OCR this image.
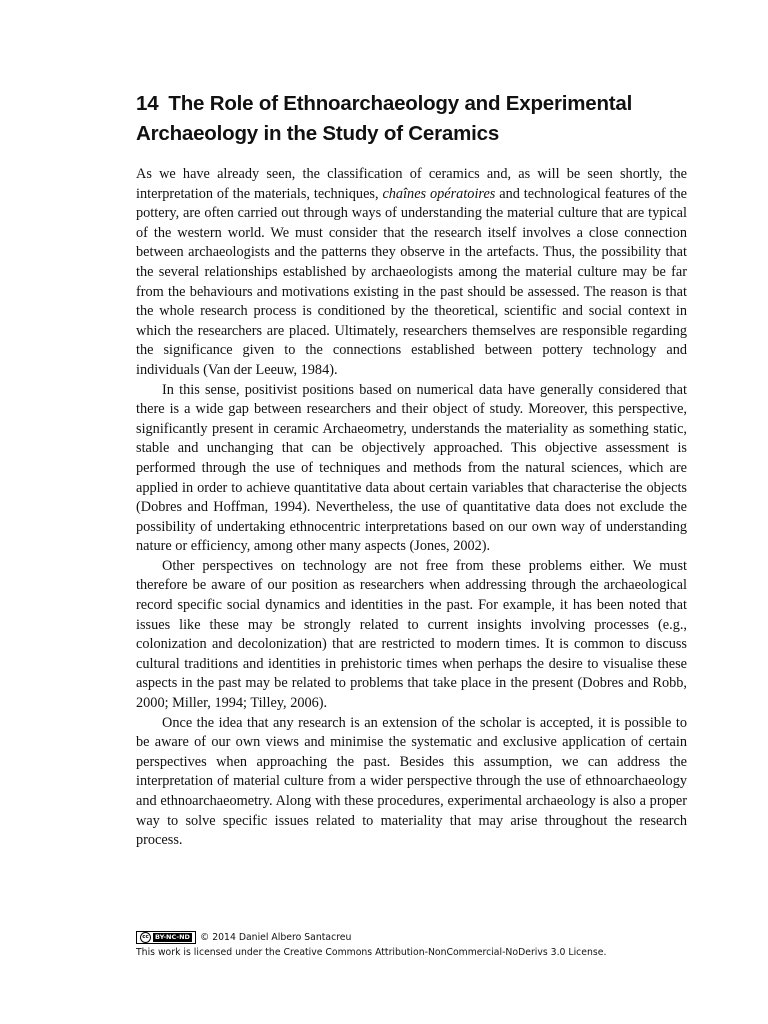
14 The Role of Ethnoarchaeology and Experimental
Archaeology in the Study of Ceramics

As we have already seen, the classification of ceramics and, as will be seen shortly, the interpretation of the materials, techniques, chaînes opératoires and technological features of the pottery, are often carried out through ways of understanding the material culture that are typical of the western world. We must consider that the research itself involves a close connection between archaeologists and the patterns they observe in the artefacts. Thus, the possibility that the several relationships established by archaeologists among the material culture may be far from the behaviours and motivations existing in the past should be assessed. The reason is that the whole research process is conditioned by the theoretical, scientific and social context in which the researchers are placed. Ultimately, researchers themselves are responsible regarding the significance given to the connections established between pottery technology and individuals (Van der Leeuw, 1984).

In this sense, positivist positions based on numerical data have generally considered that there is a wide gap between researchers and their object of study. Moreover, this perspective, significantly present in ceramic Archaeometry, understands the materiality as something static, stable and unchanging that can be objectively approached. This objective assessment is performed through the use of techniques and methods from the natural sciences, which are applied in order to achieve quantitative data about certain variables that characterise the objects (Dobres and Hoffman, 1994). Nevertheless, the use of quantitative data does not exclude the possibility of undertaking ethnocentric interpretations based on our own way of understanding nature or efficiency, among other many aspects (Jones, 2002).

Other perspectives on technology are not free from these problems either. We must therefore be aware of our position as researchers when addressing through the archaeological record specific social dynamics and identities in the past. For example, it has been noted that issues like these may be strongly related to current insights involving processes (e.g., colonization and decolonization) that are restricted to modern times. It is common to discuss cultural traditions and identities in prehistoric times when perhaps the desire to visualise these aspects in the past may be related to problems that take place in the present (Dobres and Robb, 2000; Miller, 1994; Tilley, 2006).

Once the idea that any research is an extension of the scholar is accepted, it is possible to be aware of our own views and minimise the systematic and exclusive application of certain perspectives when approaching the past. Besides this assumption, we can address the interpretation of material culture from a wider perspective through the use of ethnoarchaeology and ethnoarchaeometry. Along with these procedures, experimental archaeology is also a proper way to solve specific issues related to materiality that may arise throughout the research process.

cc BY-NC-ND © 2014 Daniel Albero Santacreu
This work is licensed under the Creative Commons Attribution-NonCommercial-NoDerivs 3.0 License.
